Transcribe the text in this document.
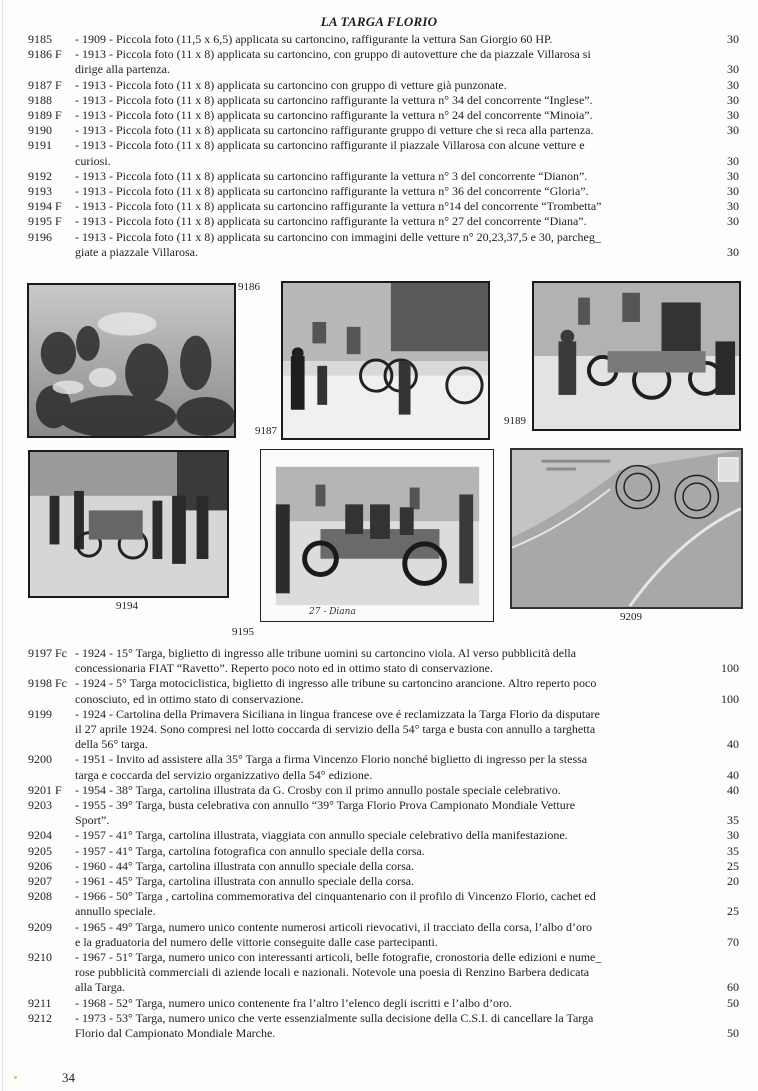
LA TARGA FLORIO
9185 - 1909 - Piccola foto (11,5 x 6,5) applicata su cartoncino, raffigurante la vettura San Giorgio 60 HP.	30
9186 F - 1913 - Piccola foto (11 x 8) applicata su cartoncino, con gruppo di autovetture che da piazzale Villarosa si
dirige alla partenza.	30
9187 F - 1913 - Piccola foto (11 x 8) applicata su cartoncino con gruppo di vetture già punzonate.	30
9188 - 1913 - Piccola foto (11 x 8) applicata su cartoncino raffigurante la vettura n° 34 del concorrente “Inglese”.	30
9189 F - 1913 - Piccola foto (11 x 8) applicata su cartoncino raffigurante la vettura n° 24 del concorrente “Minoia”.	30
9190 - 1913 - Piccola foto (11 x 8) applicata su cartoncino raffigurante gruppo di vetture che si reca alla partenza.	30
9191 - 1913 - Piccola foto (11 x 8) applicata su cartoncino raffigurante il piazzale Villarosa con alcune vetture e
curiosi.	30
9192 - 1913 - Piccola foto (11 x 8) applicata su cartoncino raffigurante la vettura n° 3 del concorrente “Dianon”.	30
9193 - 1913 - Piccola foto (11 x 8) applicata su cartoncino raffigurante la vettura n° 36 del concorrente “Gloria”.	30
9194 F - 1913 - Piccola foto (11 x 8) applicata su cartoncino raffigurante la vettura n°14 del concorrente “Trombetta”	30
9195 F - 1913 - Piccola foto (11 x 8) applicata su cartoncino raffigurante la vettura n° 27 del concorrente “Diana”.	30
9196 - 1913 - Piccola foto (11 x 8) applicata su cartoncino con immagini delle vetture n° 20,23,37,5 e 30, parcheg_
giate a piazzale Villarosa.	30
9186
9187
9189
9194	27 - Diana
9195
9209
9197 Fc - 1924 - 15° Targa, biglietto di ingresso alle tribune uomini su cartoncino viola. Al verso pubblicità della
concessionaria FIAT “Ravetto”. Reperto poco noto ed in ottimo stato di conservazione.	100
9198 Fc - 1924 - 5° Targa motociclistica, biglietto di ingresso alle tribune su cartoncino arancione. Altro reperto poco
conosciuto, ed in ottimo stato di conservazione.	100
9199 - 1924 - Cartolina della Primavera Siciliana in lingua francese ove é reclamizzata la Targa Florio da disputare
il 27 aprile 1924. Sono compresi nel lotto coccarda di servizio della 54° targa e busta con annullo a targhetta
della 56° targa.	40
9200 - 1951 - Invito ad assistere alla 35° Targa a firma Vincenzo Florio nonché biglietto di ingresso per la stessa
targa e coccarda del servizio organizzativo della 54° edizione.	40
9201 F - 1954 - 38° Targa, cartolina illustrata da G. Crosby con il primo annullo postale speciale celebrativo.	40
9203 - 1955 - 39° Targa, busta celebrativa con annullo “39° Targa Florio Prova Campionato Mondiale Vetture
Sport”.	35
9204 - 1957 - 41° Targa, cartolina illustrata, viaggiata con annullo speciale celebrativo della manifestazione.	30
9205 - 1957 - 41° Targa, cartolina fotografica con annullo speciale della corsa.	35
9206 - 1960 - 44° Targa, cartolina illustrata con annullo speciale della corsa.	25
9207 - 1961 - 45° Targa, cartolina illustrata con annullo speciale della corsa.	20
9208 - 1966 - 50° Targa , cartolina commemorativa del cinquantenario con il profilo di Vincenzo Florio, cachet ed
annullo speciale.	25
9209 - 1965 - 49° Targa, numero unico contente numerosi articoli rievocativi, il tracciato della corsa, l’albo d’oro
e la graduatoria del numero delle vittorie conseguite dalle case partecipanti.	70
9210 - 1967 - 51° Targa, numero unico con interessanti articoli, belle fotografie, cronostoria delle edizioni e nume_
rose pubblicità commerciali di aziende locali e nazionali. Notevole una poesia di Renzino Barbera dedicata
alla Targa.	60
9211 - 1968 - 52° Targa, numero unico contenente fra l’altro l’elenco degli iscritti e l’albo d’oro.	50
9212 - 1973 - 53° Targa, numero unico che verte essenzialmente sulla decisione della C.S.I. di cancellare la Targa
Florio dal Campionato Mondiale Marche.	50
34
